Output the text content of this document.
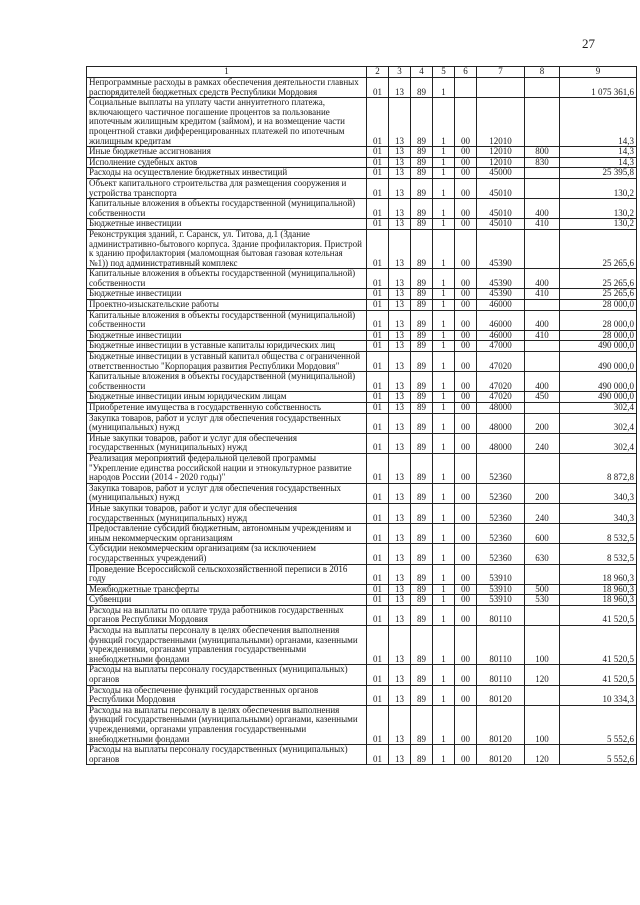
27
1	2	3	4	5	6	7	8	9
Непрограммные расходы в рамках обеспечения деятельности главных распорядителей бюджетных средств Республики Мордовия	01	13	89	1				1 075 361,6
Социальные выплаты на уплату части аннуитетного платежа, включающего частичное погашение процентов за пользование ипотечным жилищным кредитом (займом), и на возмещение части процентной ставки дифференцированных платежей по ипотечным жилищным кредитам	01	13	89	1	00	12010		14,3
Иные бюджетные ассигнования	01	13	89	1	00	12010	800	14,3
Исполнение судебных актов	01	13	89	1	00	12010	830	14,3
Расходы на осуществление бюджетных инвестиций	01	13	89	1	00	45000		25 395,8
Объект капитального строительства для размещения сооружения и устройства транспорта	01	13	89	1	00	45010		130,2
Капитальные вложения в объекты государственной (муниципальной) собственности	01	13	89	1	00	45010	400	130,2
Бюджетные инвестиции	01	13	89	1	00	45010	410	130,2
Реконструкция зданий, г. Саранск, ул. Титова, д.1 (Здание административно-бытового корпуса. Здание профилактория. Пристрой к зданию профилактория (маломощная бытовая газовая котельная №1)) под административный комплекс	01	13	89	1	00	45390		25 265,6
Капитальные вложения в объекты государственной (муниципальной) собственности	01	13	89	1	00	45390	400	25 265,6
Бюджетные инвестиции	01	13	89	1	00	45390	410	25 265,6
Проектно-изыскательские работы	01	13	89	1	00	46000		28 000,0
Капитальные вложения в объекты государственной (муниципальной) собственности	01	13	89	1	00	46000	400	28 000,0
Бюджетные инвестиции	01	13	89	1	00	46000	410	28 000,0
Бюджетные инвестиции в уставные капиталы юридических лиц	01	13	89	1	00	47000		490 000,0
Бюджетные инвестиции в уставный капитал общества с ограниченной ответственностью "Корпорация развития Республики Мордовия"	01	13	89	1	00	47020		490 000,0
Капитальные вложения в объекты государственной (муниципальной) собственности	01	13	89	1	00	47020	400	490 000,0
Бюджетные инвестиции иным юридическим лицам	01	13	89	1	00	47020	450	490 000,0
Приобретение имущества в государственную собственность	01	13	89	1	00	48000		302,4
Закупка товаров, работ и услуг для обеспечения государственных (муниципальных) нужд	01	13	89	1	00	48000	200	302,4
Иные закупки товаров, работ и услуг для обеспечения государственных (муниципальных) нужд	01	13	89	1	00	48000	240	302,4
Реализация мероприятий федеральной целевой программы "Укрепление единства российской нации и этнокультурное развитие народов России (2014 - 2020 годы)"	01	13	89	1	00	52360		8 872,8
Закупка товаров, работ и услуг для обеспечения государственных (муниципальных) нужд	01	13	89	1	00	52360	200	340,3
Иные закупки товаров, работ и услуг для обеспечения государственных (муниципальных) нужд	01	13	89	1	00	52360	240	340,3
Предоставление субсидий бюджетным, автономным учреждениям и иным некоммерческим организациям	01	13	89	1	00	52360	600	8 532,5
Субсидии некоммерческим организациям (за исключением государственных учреждений)	01	13	89	1	00	52360	630	8 532,5
Проведение Всероссийской сельскохозяйственной переписи в 2016 году	01	13	89	1	00	53910		18 960,3
Межбюджетные трансферты	01	13	89	1	00	53910	500	18 960,3
Субвенции	01	13	89	1	00	53910	530	18 960,3
Расходы на выплаты по оплате труда работников государственных органов Республики Мордовия	01	13	89	1	00	80110		41 520,5
Расходы на выплаты персоналу в целях обеспечения выполнения функций государственными (муниципальными) органами, казенными учреждениями, органами управления государственными внебюджетными фондами	01	13	89	1	00	80110	100	41 520,5
Расходы на выплаты персоналу государственных (муниципальных) органов	01	13	89	1	00	80110	120	41 520,5
Расходы на обеспечение функций государственных органов Республики Мордовия	01	13	89	1	00	80120		10 334,3
Расходы на выплаты персоналу в целях обеспечения выполнения функций государственными (муниципальными) органами, казенными учреждениями, органами управления государственными внебюджетными фондами	01	13	89	1	00	80120	100	5 552,6
Расходы на выплаты персоналу государственных (муниципальных) органов	01	13	89	1	00	80120	120	5 552,6
